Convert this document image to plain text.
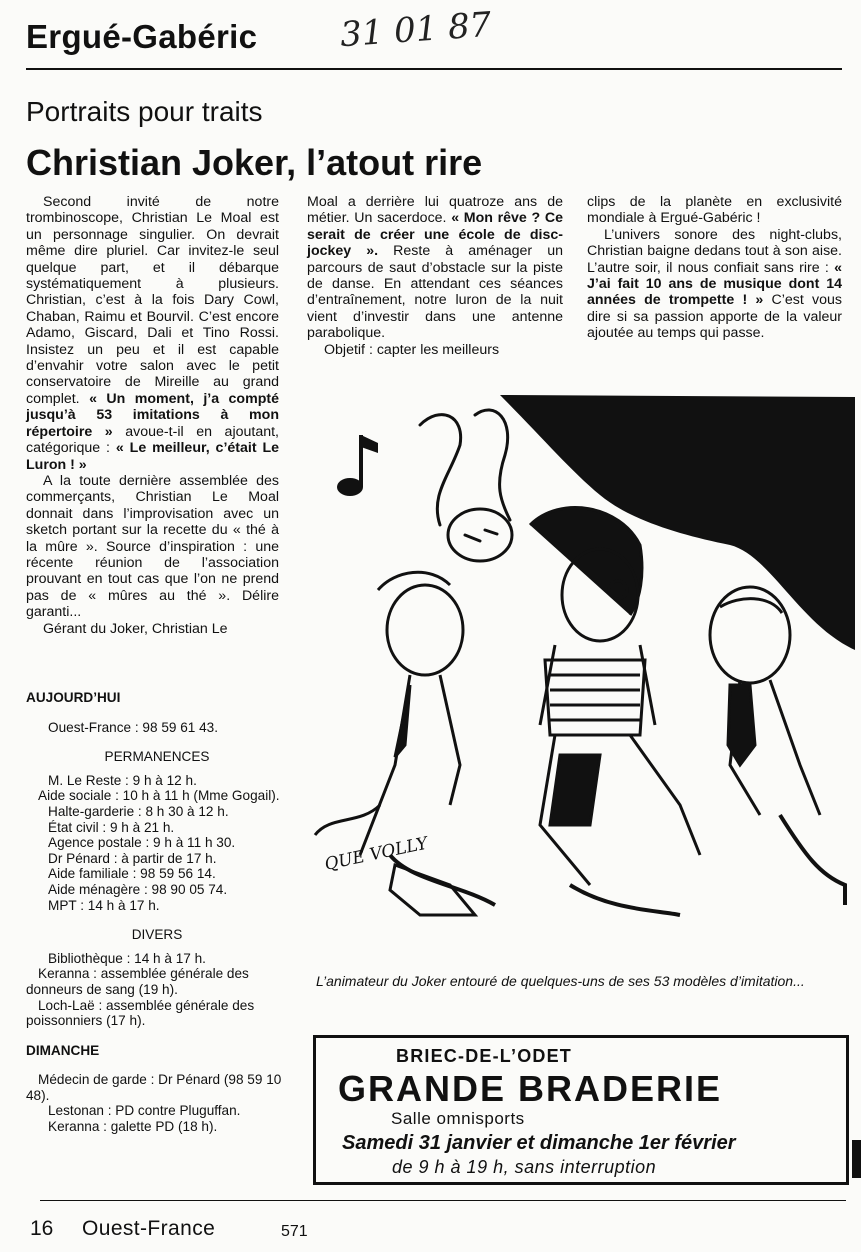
Ergué-Gabéric 31 01 87
Portraits pour traits
Christian Joker, l’atout rire

Second invité de notre trombinoscope, Christian Le Moal est un personnage singulier. On devrait même dire pluriel. Car invitez-le seul quelque part, et il débarque systématiquement à plusieurs. Christian, c’est à la fois Dary Cowl, Chaban, Raimu et Bourvil. C’est encore Adamo, Giscard, Dali et Tino Rossi. Insistez un peu et il est capable d’envahir votre salon avec le petit conservatoire de Mireille au grand complet. « Un moment, j’a compté jusqu’à 53 imitations à mon répertoire » avoue-t-il en ajoutant, catégorique : « Le meilleur, c’était Le Luron ! »

A la toute dernière assemblée des commerçants, Christian Le Moal donnait dans l’improvisation avec un sketch portant sur la recette du « thé à la mûre ». Source d’inspiration : une récente réunion de l’association prouvant en tout cas que l’on ne prend pas de « mûres au thé ». Délire garanti...

Gérant du Joker, Christian Le

Moal a derrière lui quatroze ans de métier. Un sacerdoce. « Mon rêve ? Ce serait de créer une école de disc-jockey ». Reste à aménager un parcours de saut d’obstacle sur la piste de danse. En attendant ces séances d’entraînement, notre luron de la nuit vient d’investir dans une antenne parabolique.

Objetif : capter les meilleurs

clips de la planète en exclusivité mondiale à Ergué-Gabéric !

L’univers sonore des night-clubs, Christian baigne dedans tout à son aise. L’autre soir, il nous confiait sans rire : « J’ai fait 10 ans de musique dont 14 années de trompette ! » C’est vous dire si sa passion apporte de la valeur ajoutée au temps qui passe.

QUE VOLLY
L’animateur du Joker entouré de quelques-uns de ses 53 modèles d’imitation...
AUJOURD’HUI
Ouest-France : 98 59 61 43.
PERMANENCES
M. Le Reste : 9 h à 12 h.
Aide sociale : 10 h à 11 h (Mme Gogail).
Halte-garderie : 8 h 30 à 12 h.
État civil : 9 h à 21 h.
Agence postale : 9 h à 11 h 30.
Dr Pénard : à partir de 17 h.
Aide familiale : 98 59 56 14.
Aide ménagère : 98 90 05 74.
MPT : 14 h à 17 h.
DIVERS
Bibliothèque : 14 h à 17 h.
Keranna : assemblée générale des donneurs de sang (19 h).
Loch-Laë : assemblée générale des poissonniers (17 h).
DIMANCHE
Médecin de garde : Dr Pénard (98 59 10 48).
Lestonan : PD contre Pluguffan.
Keranna : galette PD (18 h).
BRIEC-DE-L’ODET
GRANDE BRADERIE
Salle omnisports
Samedi 31 janvier et dimanche 1er février
de 9 h à 19 h, sans interruption
16 Ouest-France	571
